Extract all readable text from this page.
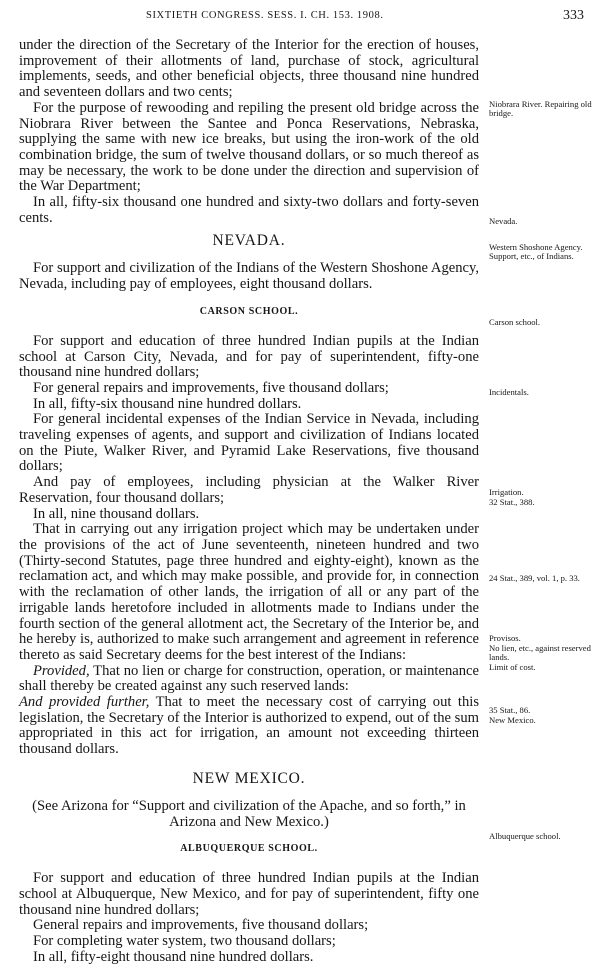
SIXTIETH CONGRESS. SESS. I. CH. 153. 1908.	333

under the direction of the Secretary of the Interior for the erection of houses, improvement of their allotments of land, purchase of stock, agricultural implements, seeds, and other beneficial objects, three thousand nine hundred and seventeen dollars and two cents;

For the purpose of rewooding and repiling the present old bridge across the Niobrara River between the Santee and Ponca Reservations, Nebraska, supplying the same with new ice breaks, but using the iron-work of the old combination bridge, the sum of twelve thousand dollars, or so much thereof as may be necessary, the work to be done under the direction and supervision of the War Department;

In all, fifty-six thousand one hundred and sixty-two dollars and forty-seven cents.

NEVADA.

For support and civilization of the Indians of the Western Shoshone Agency, Nevada, including pay of employees, eight thousand dollars.

CARSON SCHOOL.

For support and education of three hundred Indian pupils at the Indian school at Carson City, Nevada, and for pay of superintendent, fifty-one thousand nine hundred dollars;

For general repairs and improvements, five thousand dollars;

In all, fifty-six thousand nine hundred dollars.

For general incidental expenses of the Indian Service in Nevada, including traveling expenses of agents, and support and civilization of Indians located on the Piute, Walker River, and Pyramid Lake Reservations, five thousand dollars;

And pay of employees, including physician at the Walker River Reservation, four thousand dollars;

In all, nine thousand dollars.

That in carrying out any irrigation project which may be undertaken under the provisions of the act of June seventeenth, nineteen hundred and two (Thirty-second Statutes, page three hundred and eighty-eight), known as the reclamation act, and which may make possible, and provide for, in connection with the reclamation of other lands, the irrigation of all or any part of the irrigable lands heretofore included in allotments made to Indians under the fourth section of the general allotment act, the Secretary of the Interior be, and he hereby is, authorized to make such arrangement and agreement in reference thereto as said Secretary deems for the best interest of the Indians:

Provided, That no lien or charge for construction, operation, or maintenance shall thereby be created against any such reserved lands:

And provided further, That to meet the necessary cost of carrying out this legislation, the Secretary of the Interior is authorized to expend, out of the sum appropriated in this act for irrigation, an amount not exceeding thirteen thousand dollars.

NEW MEXICO.

(See Arizona for “Support and civilization of the Apache, and so forth,” in Arizona and New Mexico.)

ALBUQUERQUE SCHOOL.

For support and education of three hundred Indian pupils at the Indian school at Albuquerque, New Mexico, and for pay of superintendent, fifty one thousand nine hundred dollars;

General repairs and improvements, five thousand dollars;

For completing water system, two thousand dollars;

In all, fifty-eight thousand nine hundred dollars.

Niobrara River. Repairing old bridge.
Nevada.
Western Shoshone Agency. Support, etc., of Indians.
Carson school.
Incidentals.
Irrigation.
32 Stat., 388.
24 Stat., 389, vol. 1, p. 33.
Provisos.
No lien, etc., against reserved lands.
Limit of cost.
35 Stat., 86.
New Mexico.
Albuquerque school.
